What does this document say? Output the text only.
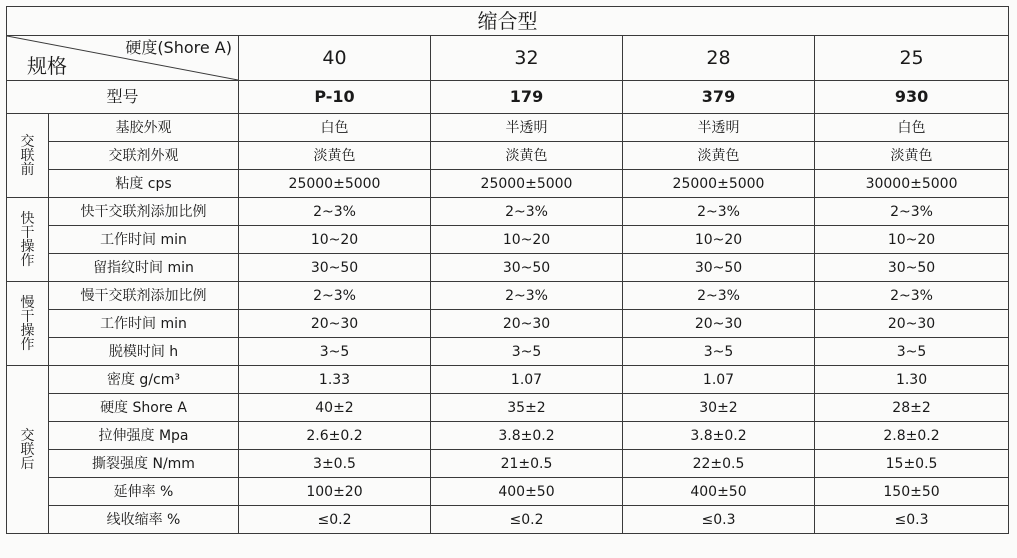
缩合型					

硬度(Shore A)
规格		40	32	28	25
型号		P-10	179	379	930

交
联
前	基胶外观	白色	半透明	半透明	白色
	交联剂外观	淡黄色	淡黄色	淡黄色	淡黄色
	粘度 cps	25000±5000	25000±5000	25000±5000	30000±5000

快
干
操
作	快干交联剂添加比例	2~3%	2~3%	2~3%	2~3%
	工作时间 min	10~20	10~20	10~20	10~20
	留指纹时间 min	30~50	30~50	30~50	30~50

慢
干
操
作	慢干交联剂添加比例	2~3%	2~3%	2~3%	2~3%
	工作时间 min	20~30	20~30	20~30	20~30
	脱模时间 h	3~5	3~5	3~5	3~5

交
联
后	密度 g/cm³	1.33	1.07	1.07	1.30
	硬度 Shore A	40±2	35±2	30±2	28±2
	拉伸强度 Mpa	2.6±0.2	3.8±0.2	3.8±0.2	2.8±0.2
	撕裂强度 N/mm	3±0.5	21±0.5	22±0.5	15±0.5
	延伸率 %	100±20	400±50	400±50	150±50
	线收缩率 %	≤0.2	≤0.2	≤0.3	≤0.3
